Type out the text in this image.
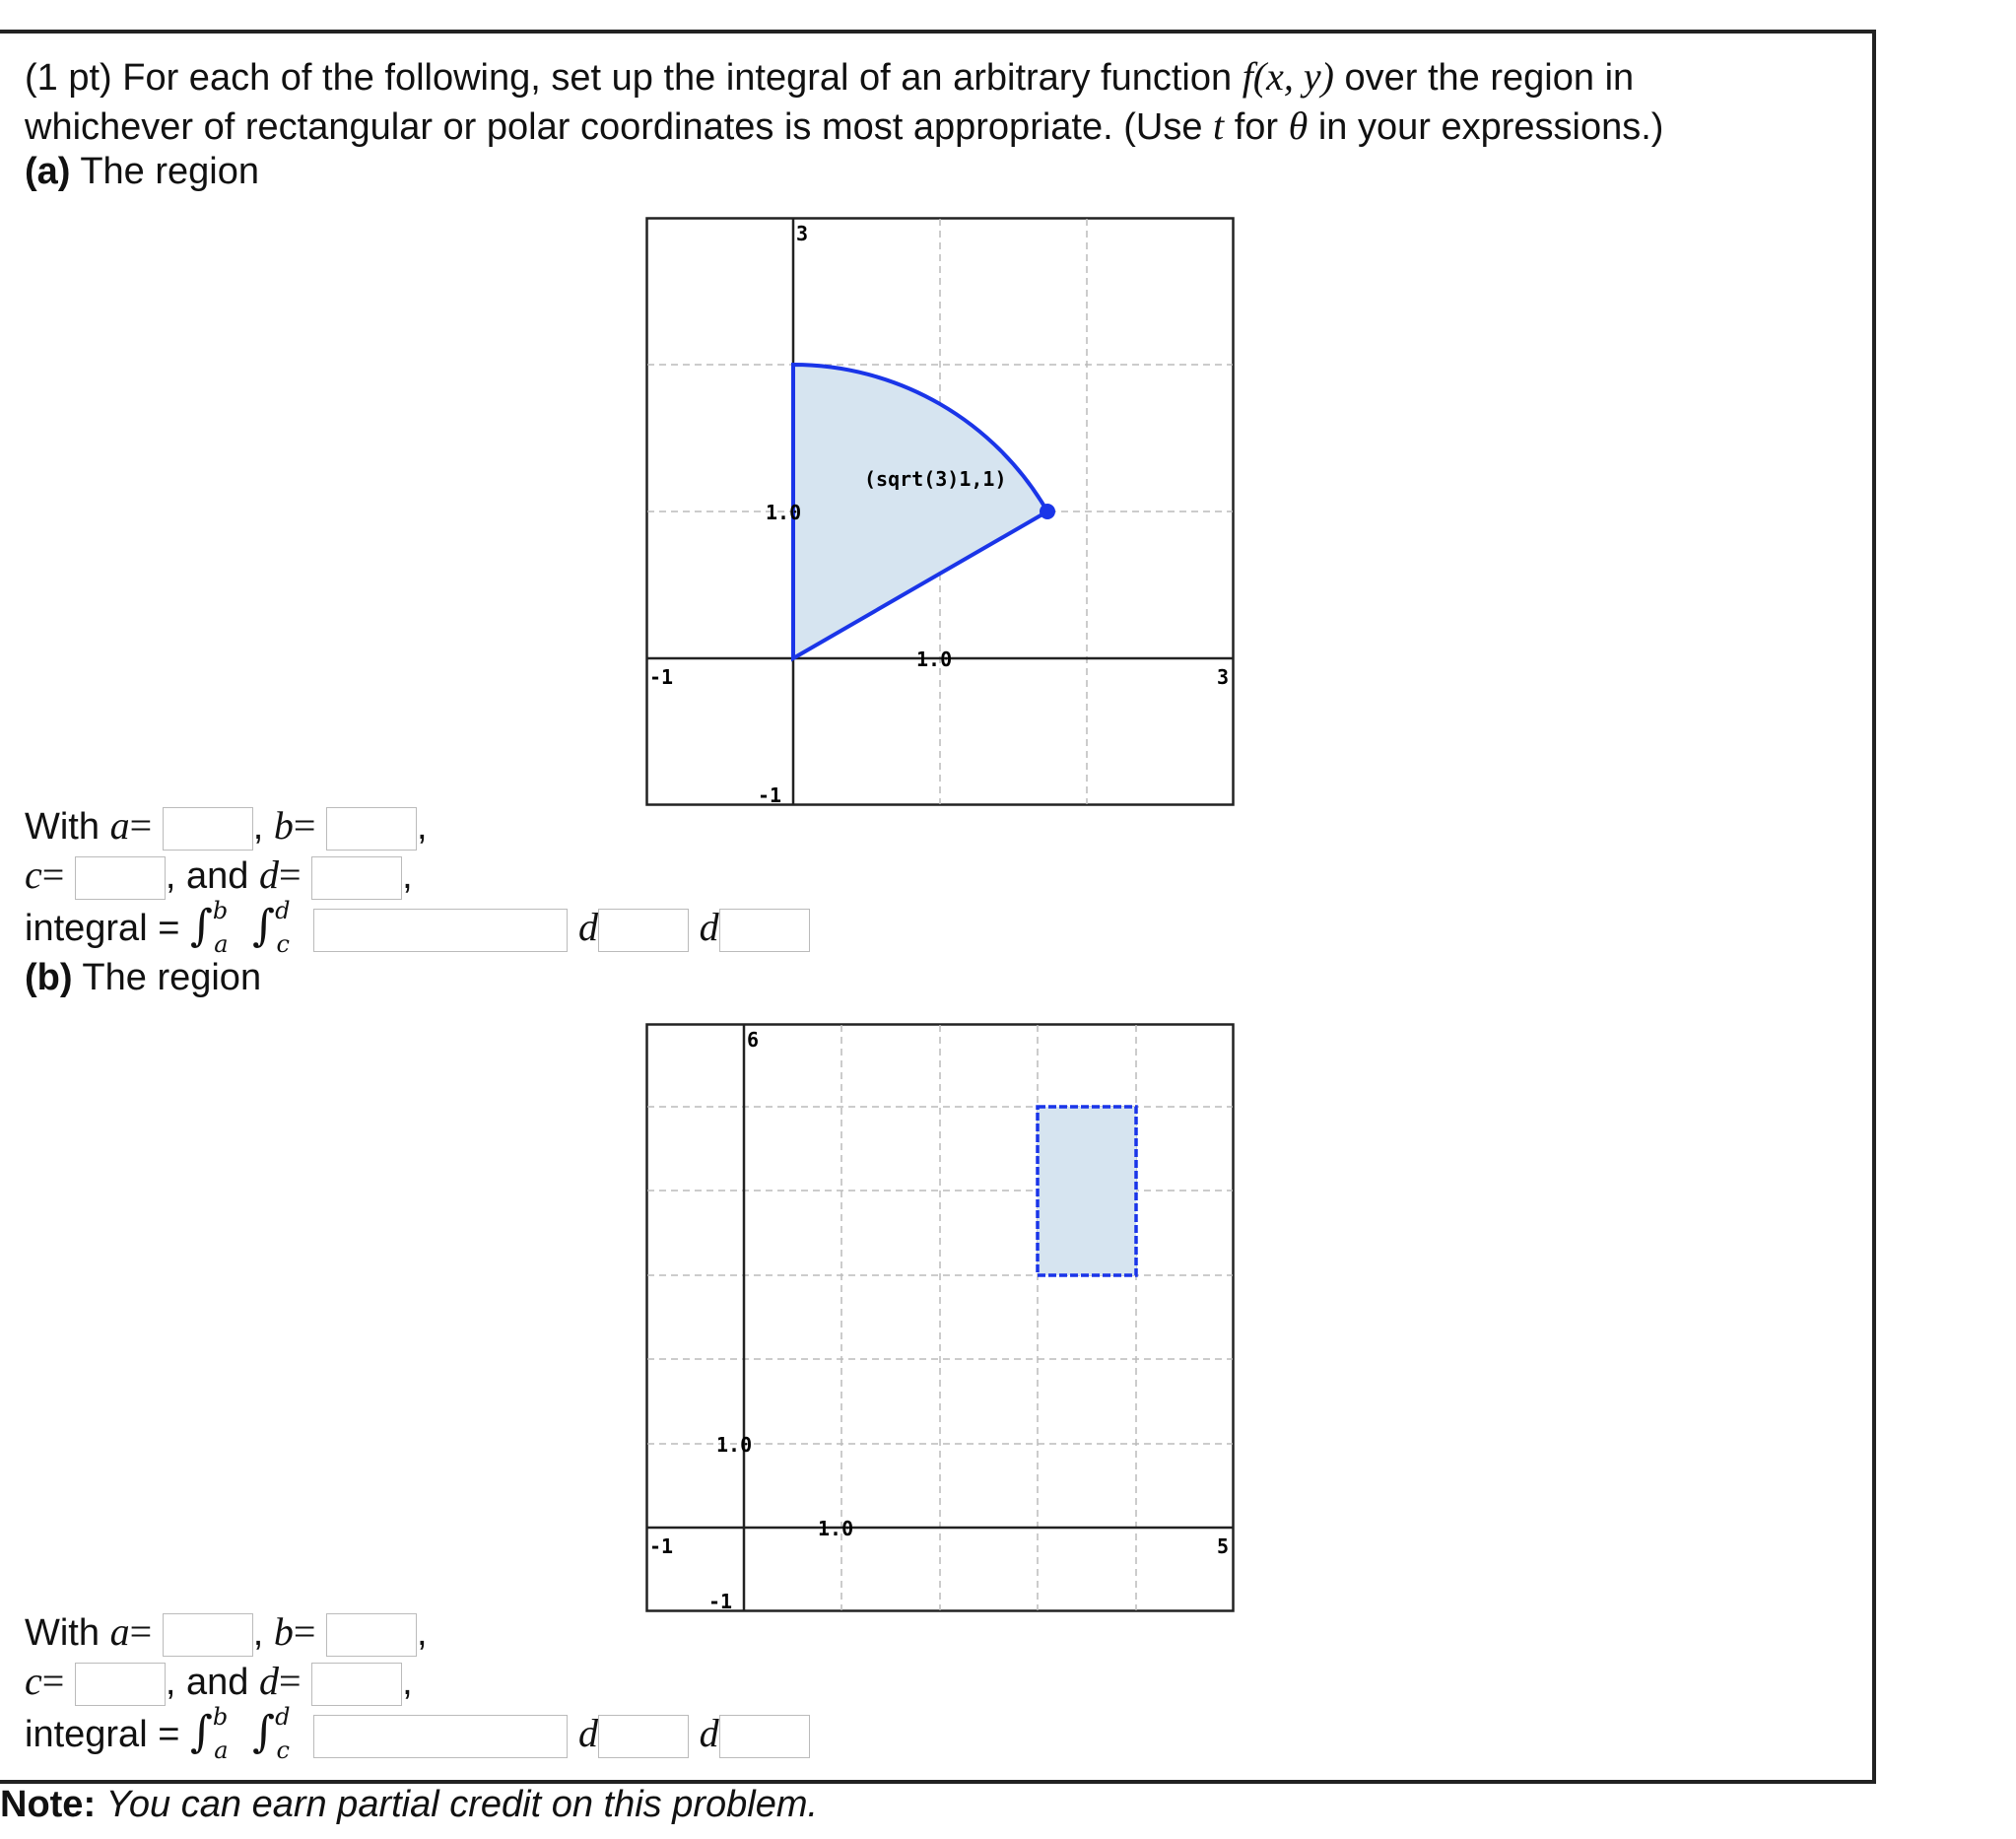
(1 pt) For each of the following, set up the integral of an arbitrary function f(x, y) over the region in
whichever of rectangular or polar coordinates is most appropriate. (Use t for θ in your expressions.)
(a) The region
(sqrt(3)1,1)
3
-1
-1	3
1.0
1.0
With a=	, b=	,
c=	, and d=	,
integral = ∫$^b_a$ ∫$^d_c$	d	d
(b) The region
6
-1
-1	5
1.0
1.0
With a=	, b=	,
c=	, and d=	,
integral = ∫$^b_a$ ∫$^d_c$	d	d
Note: You can earn partial credit on this problem.
